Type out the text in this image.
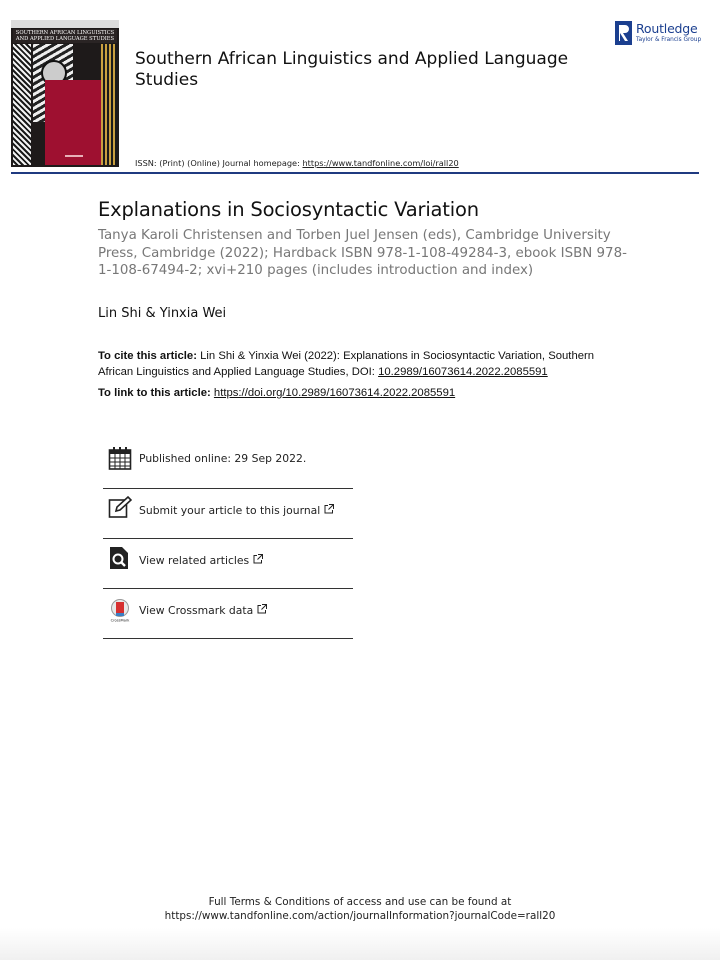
SOUTHERN AFRICAN LINGUISTICS AND APPLIED LANGUAGE STUDIES
Southern African Linguistics and Applied Language Studies
ISSN: (Print) (Online) Journal homepage: https://www.tandfonline.com/loi/rall20
Routledge
Taylor & Francis Group
Explanations in Sociosyntactic Variation
Tanya Karoli Christensen and Torben Juel Jensen (eds), Cambridge University Press, Cambridge (2022); Hardback ISBN 978-1-108-49284-3, ebook ISBN 978-1-108-67494-2; xvi+210 pages (includes introduction and index)
Lin Shi & Yinxia Wei
To cite this article: Lin Shi & Yinxia Wei (2022): Explanations in Sociosyntactic Variation, Southern African Linguistics and Applied Language Studies, DOI: 10.2989/16073614.2022.2085591
To link to this article: https://doi.org/10.2989/16073614.2022.2085591
Published online: 29 Sep 2022.
Submit your article to this journal
View related articles
CrossMark
View Crossmark data
Full Terms & Conditions of access and use can be found at
https://www.tandfonline.com/action/journalInformation?journalCode=rall20
